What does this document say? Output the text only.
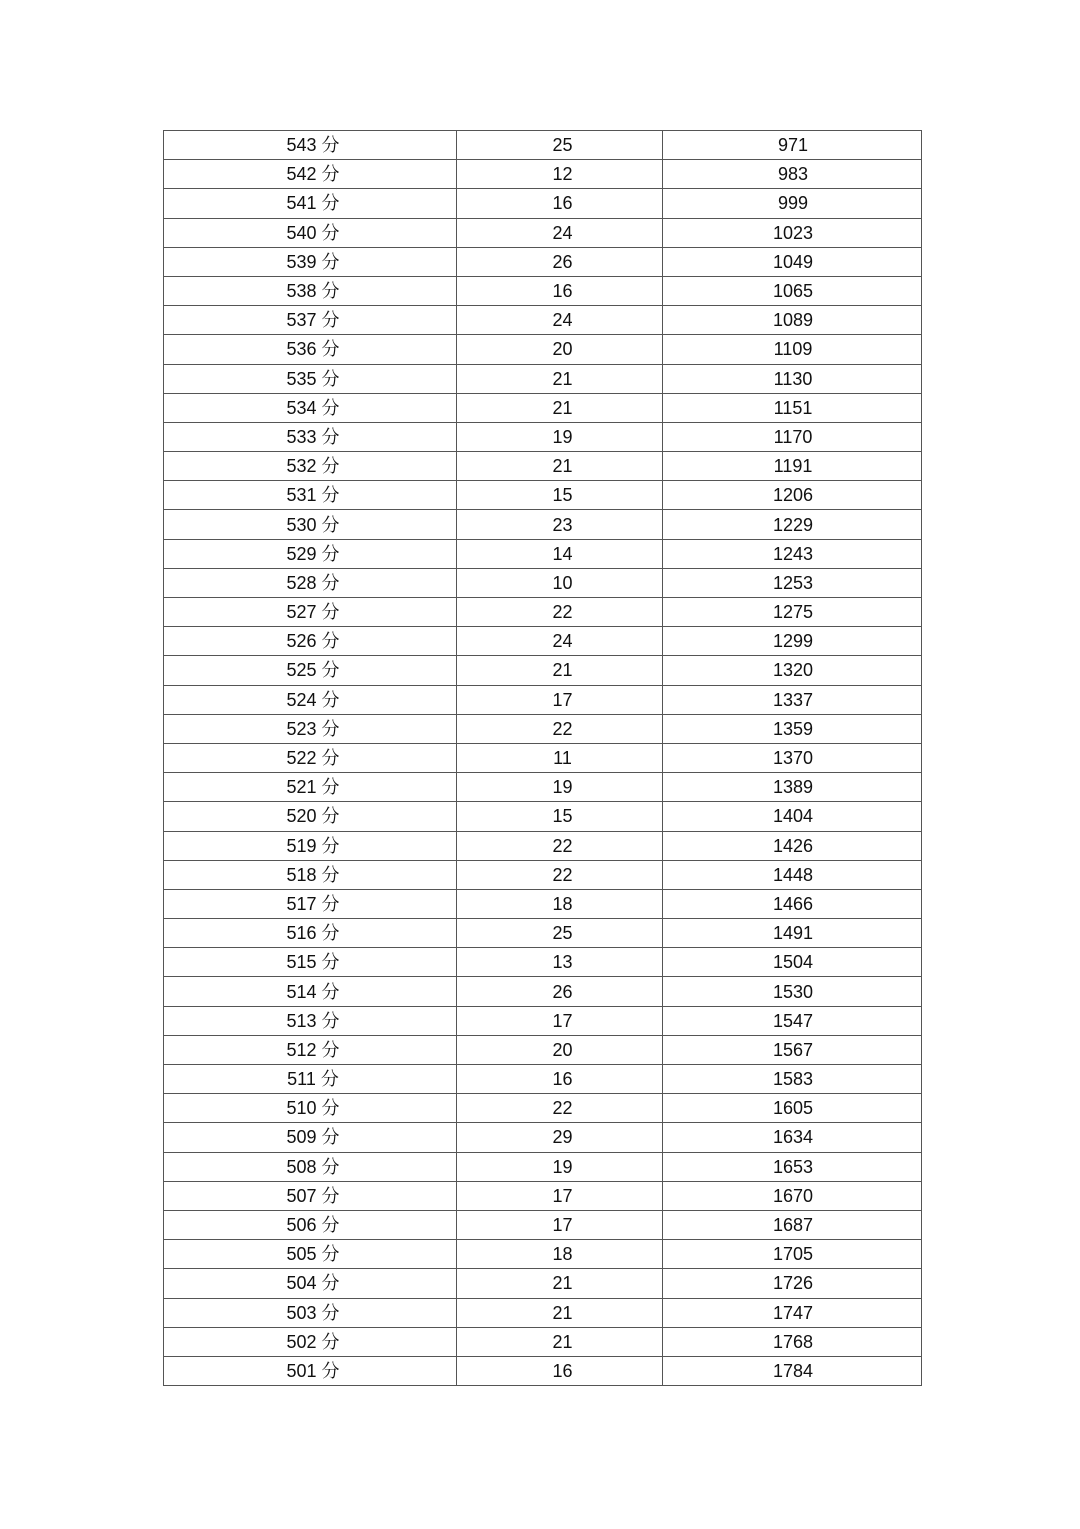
543 分	25	971
542 分	12	983
541 分	16	999
540 分	24	1023
539 分	26	1049
538 分	16	1065
537 分	24	1089
536 分	20	1109
535 分	21	1130
534 分	21	1151
533 分	19	1170
532 分	21	1191
531 分	15	1206
530 分	23	1229
529 分	14	1243
528 分	10	1253
527 分	22	1275
526 分	24	1299
525 分	21	1320
524 分	17	1337
523 分	22	1359
522 分	11	1370
521 分	19	1389
520 分	15	1404
519 分	22	1426
518 分	22	1448
517 分	18	1466
516 分	25	1491
515 分	13	1504
514 分	26	1530
513 分	17	1547
512 分	20	1567
511 分	16	1583
510 分	22	1605
509 分	29	1634
508 分	19	1653
507 分	17	1670
506 分	17	1687
505 分	18	1705
504 分	21	1726
503 分	21	1747
502 分	21	1768
501 分	16	1784
